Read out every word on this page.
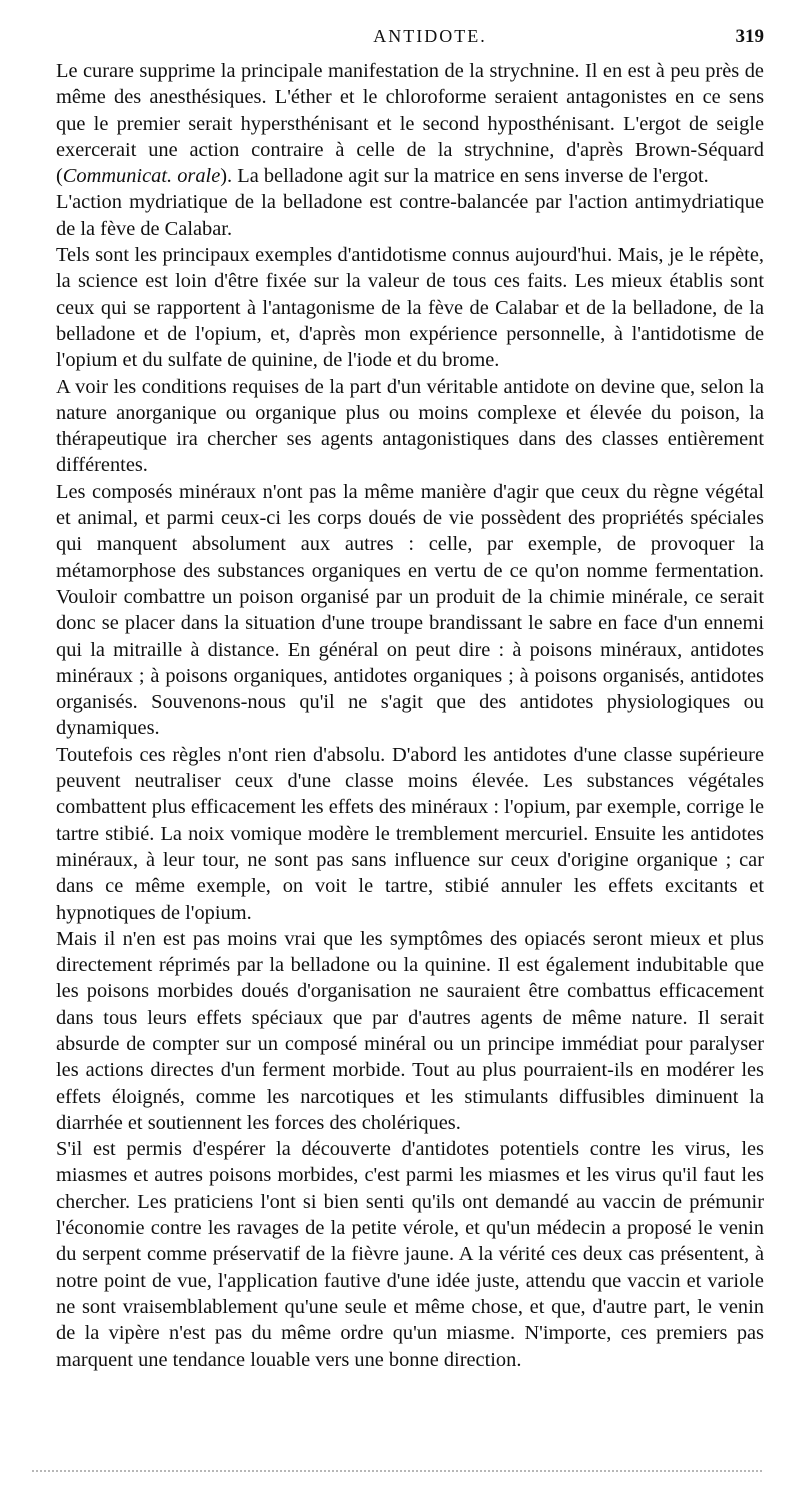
ANTIDOTE.	319

Le curare supprime la principale manifestation de la strychnine. Il en est à peu près de même des anesthésiques. L'éther et le chloroforme seraient antagonistes en ce sens que le premier serait hypersthénisant et le second hyposthénisant. L'ergot de seigle exercerait une action contraire à celle de la strychnine, d'après Brown-Séquard (Communicat. orale). La belladone agit sur la matrice en sens inverse de l'ergot.

L'action mydriatique de la belladone est contre-balancée par l'action antimydriatique de la fève de Calabar.

Tels sont les principaux exemples d'antidotisme connus aujourd'hui. Mais, je le répète, la science est loin d'être fixée sur la valeur de tous ces faits. Les mieux établis sont ceux qui se rapportent à l'antagonisme de la fève de Calabar et de la belladone, de la belladone et de l'opium, et, d'après mon expérience personnelle, à l'antidotisme de l'opium et du sulfate de quinine, de l'iode et du brome.

A voir les conditions requises de la part d'un véritable antidote on devine que, selon la nature anorganique ou organique plus ou moins complexe et élevée du poison, la thérapeutique ira chercher ses agents antagonistiques dans des classes entièrement différentes.

Les composés minéraux n'ont pas la même manière d'agir que ceux du règne végétal et animal, et parmi ceux-ci les corps doués de vie possèdent des propriétés spéciales qui manquent absolument aux autres : celle, par exemple, de provoquer la métamorphose des substances organiques en vertu de ce qu'on nomme fermentation. Vouloir combattre un poison organisé par un produit de la chimie minérale, ce serait donc se placer dans la situation d'une troupe brandissant le sabre en face d'un ennemi qui la mitraille à distance. En général on peut dire : à poisons minéraux, antidotes minéraux ; à poisons organiques, antidotes organiques ; à poisons organisés, antidotes organisés. Souvenons-nous qu'il ne s'agit que des antidotes physiologiques ou dynamiques.

Toutefois ces règles n'ont rien d'absolu. D'abord les antidotes d'une classe supérieure peuvent neutraliser ceux d'une classe moins élevée. Les substances végétales combattent plus efficacement les effets des minéraux : l'opium, par exemple, corrige le tartre stibié. La noix vomique modère le tremblement mercuriel. Ensuite les antidotes minéraux, à leur tour, ne sont pas sans influence sur ceux d'origine organique ; car dans ce même exemple, on voit le tartre, stibié annuler les effets excitants et hypnotiques de l'opium.

Mais il n'en est pas moins vrai que les symptômes des opiacés seront mieux et plus directement réprimés par la belladone ou la quinine. Il est également indubitable que les poisons morbides doués d'organisation ne sauraient être combattus efficacement dans tous leurs effets spéciaux que par d'autres agents de même nature. Il serait absurde de compter sur un composé minéral ou un principe immédiat pour paralyser les actions directes d'un ferment morbide. Tout au plus pourraient-ils en modérer les effets éloignés, comme les narcotiques et les stimulants diffusibles diminuent la diarrhée et soutiennent les forces des cholériques.

S'il est permis d'espérer la découverte d'antidotes potentiels contre les virus, les miasmes et autres poisons morbides, c'est parmi les miasmes et les virus qu'il faut les chercher. Les praticiens l'ont si bien senti qu'ils ont demandé au vaccin de prémunir l'économie contre les ravages de la petite vérole, et qu'un médecin a proposé le venin du serpent comme préservatif de la fièvre jaune. A la vérité ces deux cas présentent, à notre point de vue, l'application fautive d'une idée juste, attendu que vaccin et variole ne sont vraisemblablement qu'une seule et même chose, et que, d'autre part, le venin de la vipère n'est pas du même ordre qu'un miasme. N'importe, ces premiers pas marquent une tendance louable vers une bonne direction.
